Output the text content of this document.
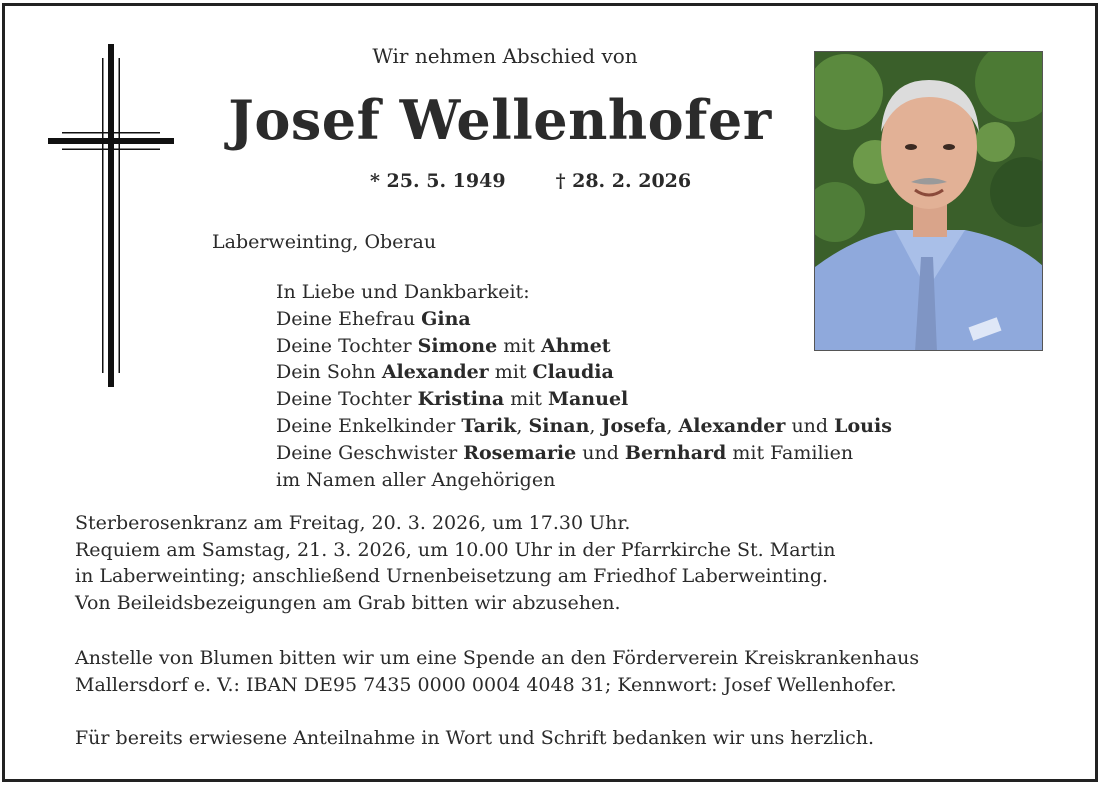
Wir nehmen Abschied von
Josef Wellenhofer
* 25. 5. 1949	† 28. 2. 2026
Laberweinting, Oberau
In Liebe und Dankbarkeit:
Deine Ehefrau Gina
Deine Tochter Simone mit Ahmet
Dein Sohn Alexander mit Claudia
Deine Tochter Kristina mit Manuel
Deine Enkelkinder Tarik, Sinan, Josefa, Alexander und Louis
Deine Geschwister Rosemarie und Bernhard mit Familien
im Namen aller Angehörigen
Sterberosenkranz am Freitag, 20. 3. 2026, um 17.30 Uhr.
Requiem am Samstag, 21. 3. 2026, um 10.00 Uhr in der Pfarrkirche St. Martin
in Laberweinting; anschließend Urnenbeisetzung am Friedhof Laberweinting.
Von Beileidsbezeigungen am Grab bitten wir abzusehen.
Anstelle von Blumen bitten wir um eine Spende an den Förderverein Kreiskrankenhaus
Mallersdorf e. V.: IBAN DE95 7435 0000 0004 4048 31; Kennwort: Josef Wellenhofer.
Für bereits erwiesene Anteilnahme in Wort und Schrift bedanken wir uns herzlich.
